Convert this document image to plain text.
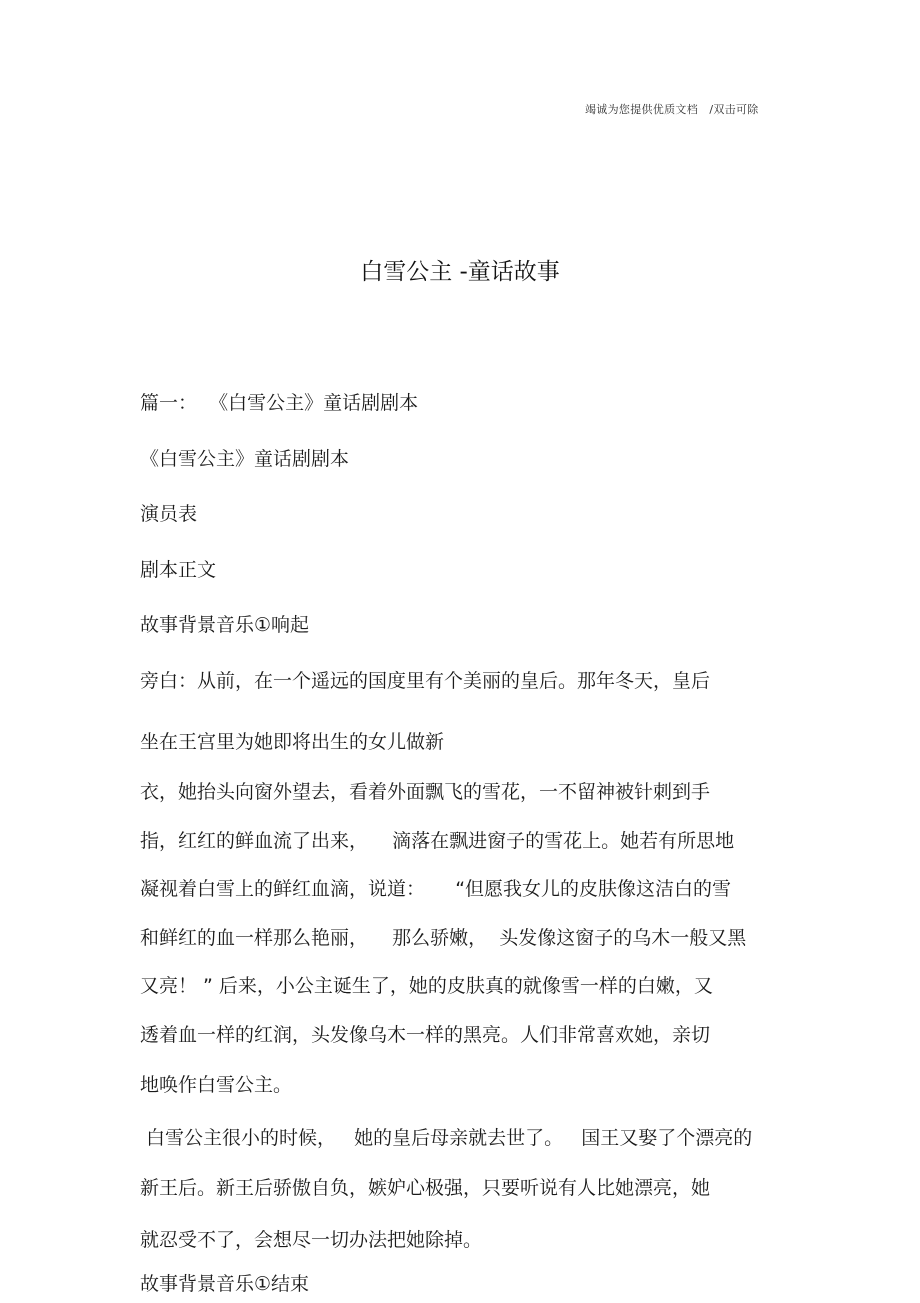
竭诚为您提供优质文档   /双击可除
白雪公主 -童话故事
篇一：  《白雪公主》童话剧剧本
《白雪公主》童话剧剧本
演员表
剧本正文
故事背景音乐①响起
旁白：从前，在一个遥远的国度里有个美丽的皇后。那年冬天，皇后
坐在王宫里为她即将出生的女儿做新
衣，她抬头向窗外望去，看着外面飘飞的雪花，一不留神被针刺到手
指，红红的鲜血流了出来，    滴落在飘进窗子的雪花上。她若有所思地
凝视着白雪上的鲜红血滴，说道：     “但愿我女儿的皮肤像这洁白的雪
和鲜红的血一样那么艳丽，    那么骄嫩，  头发像这窗子的乌木一般又黑
又亮！ ” 后来，小公主诞生了，她的皮肤真的就像雪一样的白嫩，又
透着血一样的红润，头发像乌木一样的黑亮。人们非常喜欢她，亲切
地唤作白雪公主。
白雪公主很小的时候，   她的皇后母亲就去世了。   国王又娶了个漂亮的
新王后。新王后骄傲自负，嫉妒心极强，只要听说有人比她漂亮，她
就忍受不了，会想尽一切办法把她除掉。
故事背景音乐①结束
